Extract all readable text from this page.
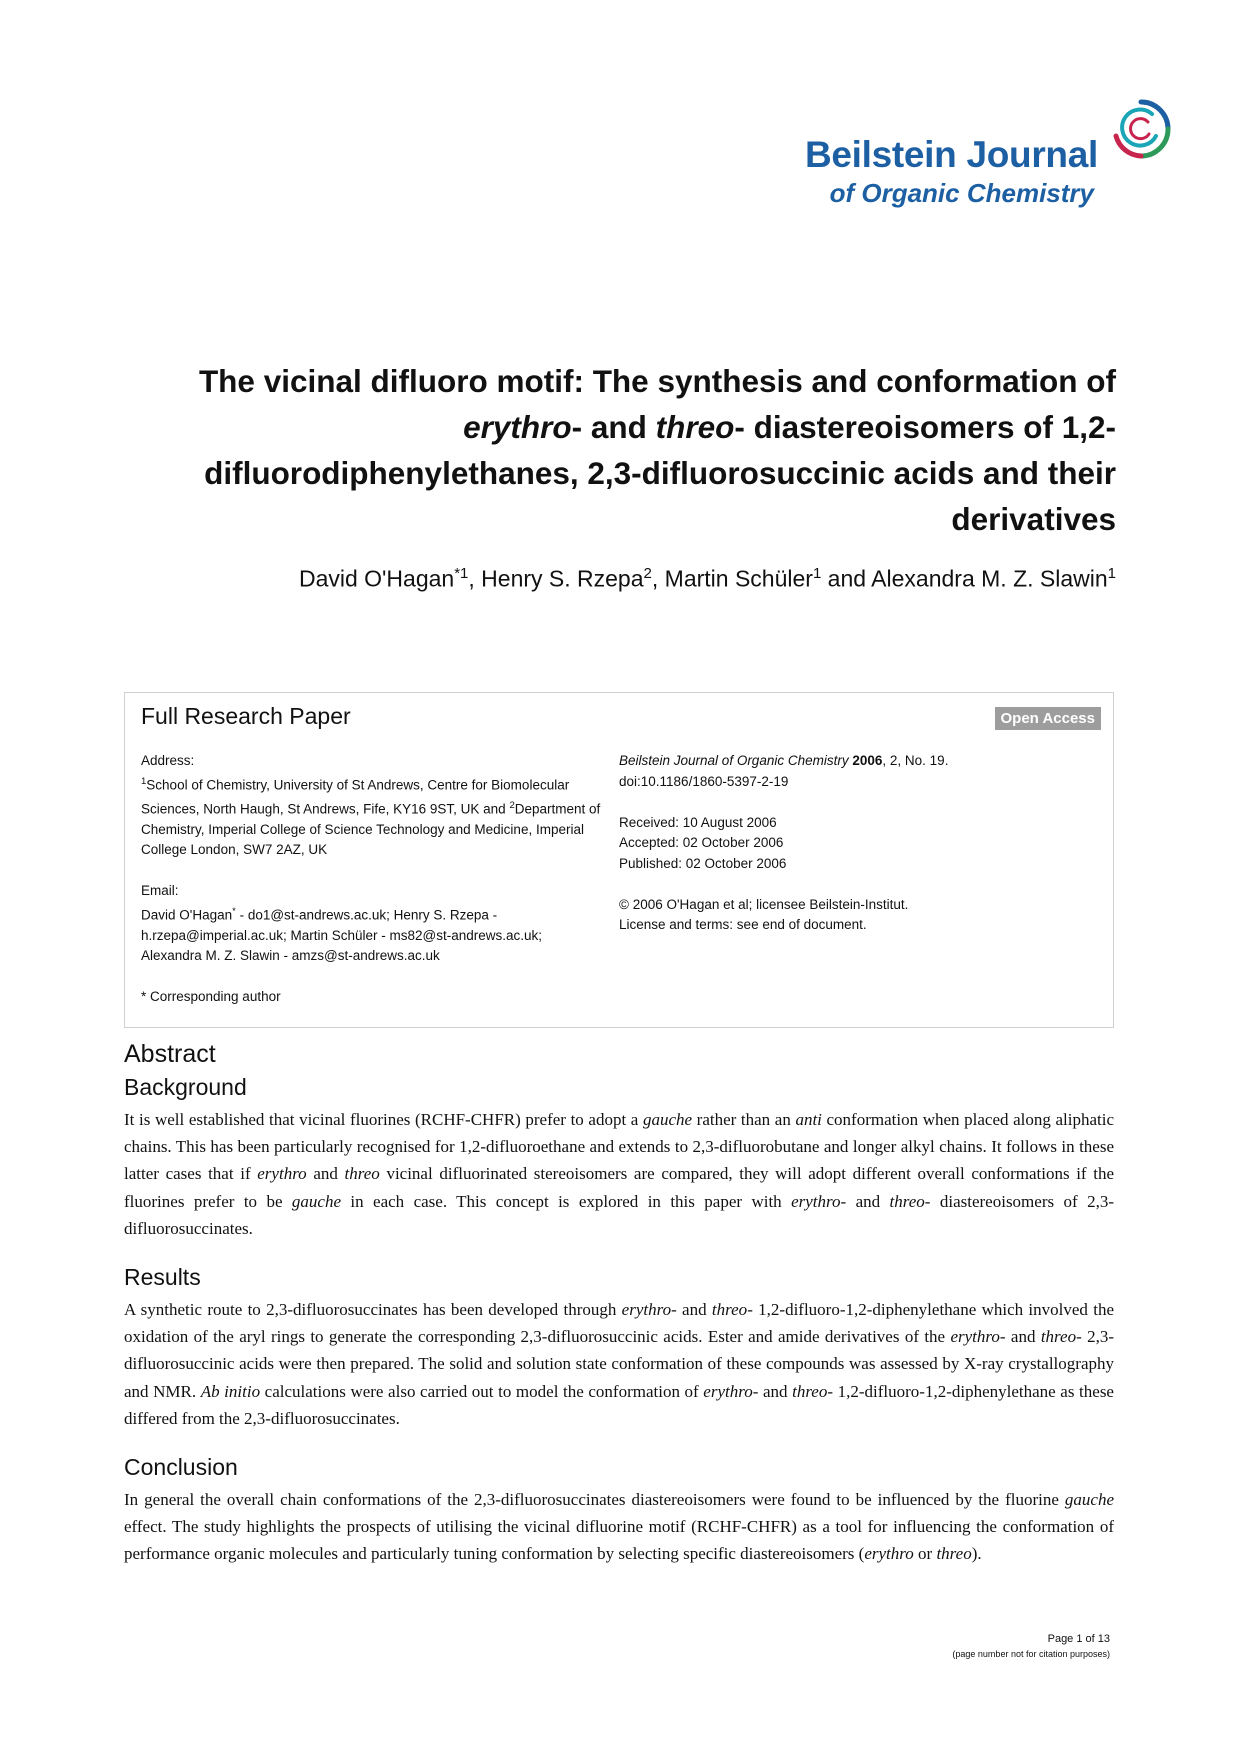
Beilstein Journal
of Organic Chemistry
The vicinal difluoro motif: The synthesis and conformation of erythro- and threo- diastereoisomers of 1,2-difluorodiphenylethanes, 2,3-difluorosuccinic acids and their derivatives
David O'Hagan$^{*1}$, Henry S. Rzepa$^2$, Martin Schüler$^1$ and Alexandra M. Z. Slawin$^1$
Full Research Paper	Open Access
Address:
$^1$School of Chemistry, University of St Andrews, Centre for Biomolecular Sciences, North Haugh, St Andrews, Fife, KY16 9ST, UK and $^2$Department of Chemistry, Imperial College of Science Technology and Medicine, Imperial College London, SW7 2AZ, UK
Email:
David O'Hagan* - do1@st-andrews.ac.uk; Henry S. Rzepa - h.rzepa@imperial.ac.uk; Martin Schüler - ms82@st-andrews.ac.uk; Alexandra M. Z. Slawin - amzs@st-andrews.ac.uk
* Corresponding author
Beilstein Journal of Organic Chemistry 2006, 2, No. 19.
doi:10.1186/1860-5397-2-19
Received: 10 August 2006
Accepted: 02 October 2006
Published: 02 October 2006
© 2006 O'Hagan et al; licensee Beilstein-Institut.
License and terms: see end of document.
Abstract
Background
It is well established that vicinal fluorines (RCHF-CHFR) prefer to adopt a gauche rather than an anti conformation when placed along aliphatic chains. This has been particularly recognised for 1,2-difluoroethane and extends to 2,3-difluorobutane and longer alkyl chains. It follows in these latter cases that if erythro and threo vicinal difluorinated stereoisomers are compared, they will adopt different overall conformations if the fluorines prefer to be gauche in each case. This concept is explored in this paper with erythro- and threo- diastereoisomers of 2,3-difluorosuccinates.
Results
A synthetic route to 2,3-difluorosuccinates has been developed through erythro- and threo- 1,2-difluoro-1,2-diphenylethane which involved the oxidation of the aryl rings to generate the corresponding 2,3-difluorosuccinic acids. Ester and amide derivatives of the erythro- and threo- 2,3-difluorosuccinic acids were then prepared. The solid and solution state conformation of these compounds was assessed by X-ray crystallography and NMR. Ab initio calculations were also carried out to model the conformation of erythro- and threo- 1,2-difluoro-1,2-diphenylethane as these differed from the 2,3-difluorosuccinates.
Conclusion
In general the overall chain conformations of the 2,3-difluorosuccinates diastereoisomers were found to be influenced by the fluorine gauche effect. The study highlights the prospects of utilising the vicinal difluorine motif (RCHF-CHFR) as a tool for influencing the conformation of performance organic molecules and particularly tuning conformation by selecting specific diastereoisomers (erythro or threo).
Page 1 of 13
(page number not for citation purposes)
